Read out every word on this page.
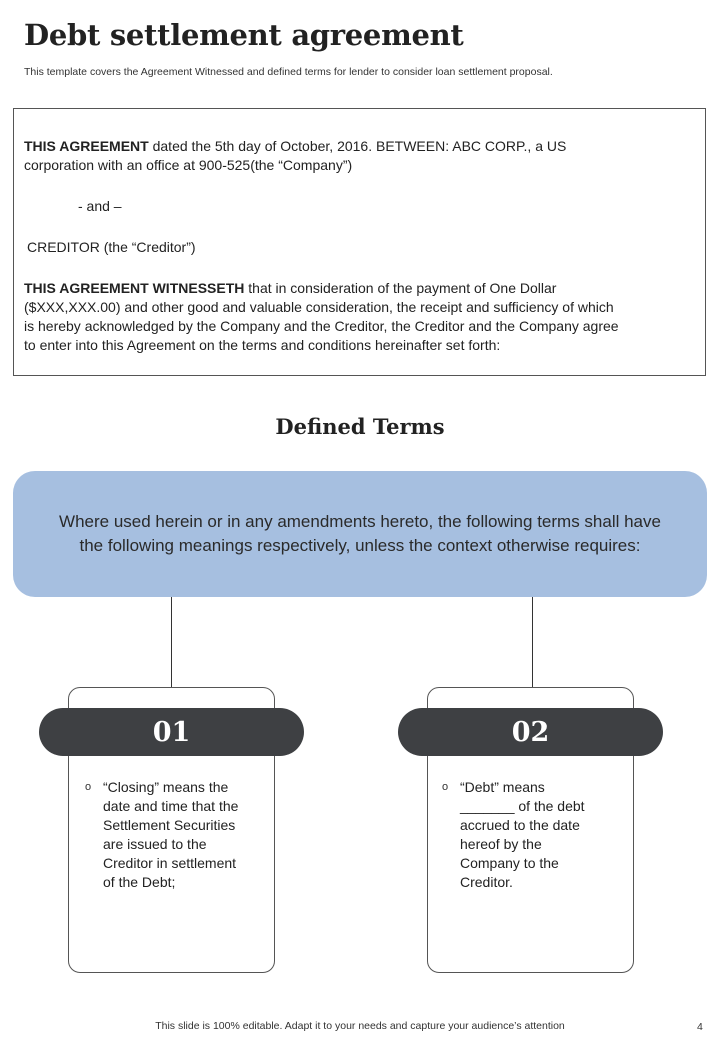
Debt settlement agreement
This template covers the Agreement Witnessed and defined terms for lender to consider loan settlement proposal.

THIS AGREEMENT dated the 5th day of October, 2016. BETWEEN: ABC CORP., a US
corporation with an office at 900-525(the “Company”)

- and –

CREDITOR (the “Creditor”)

THIS AGREEMENT WITNESSETH that in consideration of the payment of One Dollar
($XXX,XXX.00) and other good and valuable consideration, the receipt and sufficiency of which
is hereby acknowledged by the Company and the Creditor, the Creditor and the Company agree
to enter into this Agreement on the terms and conditions hereinafter set forth:

Defined Terms
Where used herein or in any amendments hereto, the following terms shall have
the following meanings respectively, unless the context otherwise requires:
01
o “Closing” means the
date and time that the
Settlement Securities
are issued to the
Creditor in settlement
of the Debt;
02
o “Debt” means
_______ of the debt
accrued to the date
hereof by the
Company to the
Creditor.
This slide is 100% editable. Adapt it to your needs and capture your audience’s attention	4
